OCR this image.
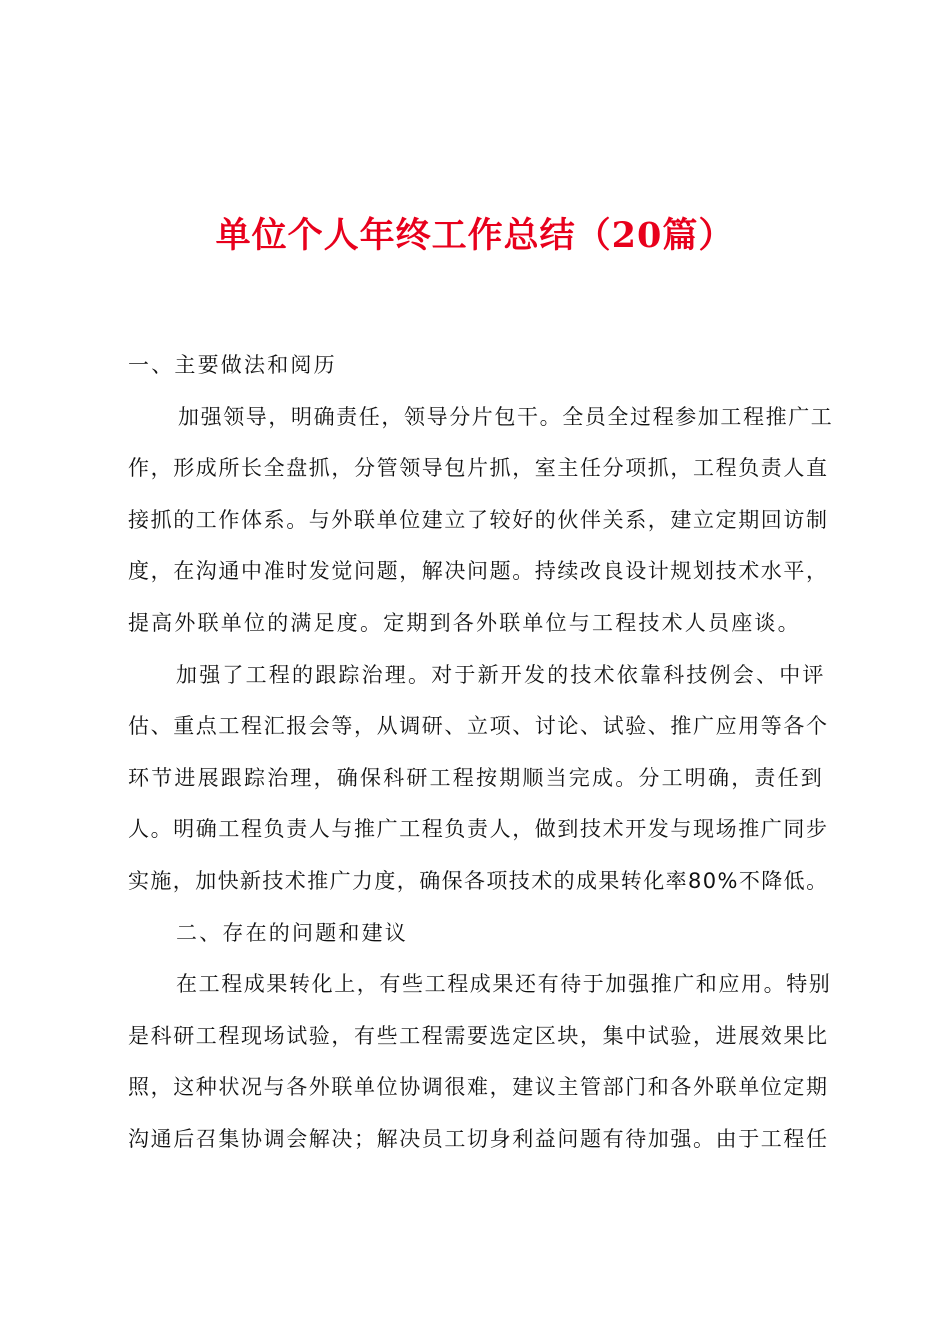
单位个人年终工作总结（20篇）

一、主要做法和阅历

加强领导，明确责任，领导分片包干。全员全过程参加工程推广工

作，形成所长全盘抓，分管领导包片抓，室主任分项抓，工程负责人直

接抓的工作体系。与外联单位建立了较好的伙伴关系，建立定期回访制

度，在沟通中准时发觉问题，解决问题。持续改良设计规划技术水平，

提高外联单位的满足度。定期到各外联单位与工程技术人员座谈。

加强了工程的跟踪治理。对于新开发的技术依靠科技例会、中评

估、重点工程汇报会等，从调研、立项、讨论、试验、推广应用等各个

环节进展跟踪治理，确保科研工程按期顺当完成。分工明确，责任到

人。明确工程负责人与推广工程负责人，做到技术开发与现场推广同步

实施，加快新技术推广力度，确保各项技术的成果转化率80%不降低。

二、存在的问题和建议

在工程成果转化上，有些工程成果还有待于加强推广和应用。特别

是科研工程现场试验，有些工程需要选定区块，集中试验，进展效果比

照，这种状况与各外联单位协调很难，建议主管部门和各外联单位定期

沟通后召集协调会解决；解决员工切身利益问题有待加强。由于工程任
